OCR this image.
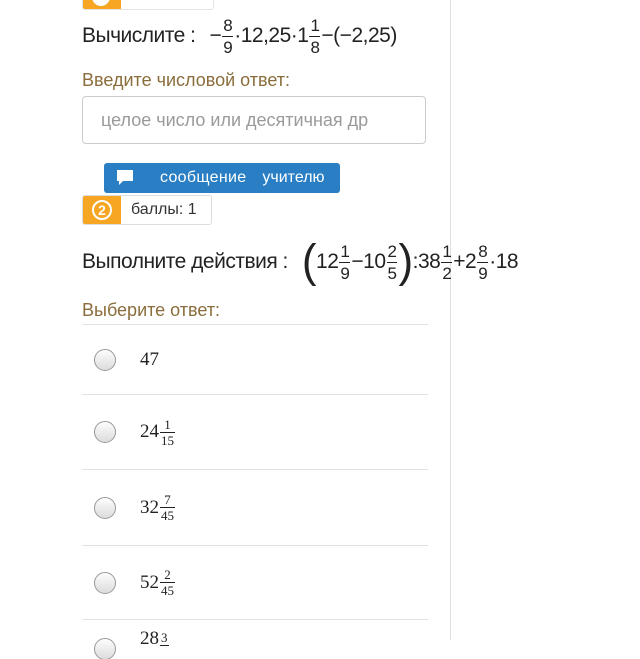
Вычислите : − $\frac{8}{9} \cdot 12,25\cdot 1 \frac{1}{8} -(-2,25)$
Введите числовой ответ:
целое число или десятичная др
сообщение учителю
2	баллы: 1
Выполните действия : ( $12 \frac{1}{9} -10 \frac{2}{5}$ ) :38 $\frac{1}{2} +2 \frac{8}{9} \cdot 18$
Выберите ответ:
47
$24 \frac{1}{15}$
$32 \frac{7}{45}$
$52 \frac{2}{45}$
28 3
